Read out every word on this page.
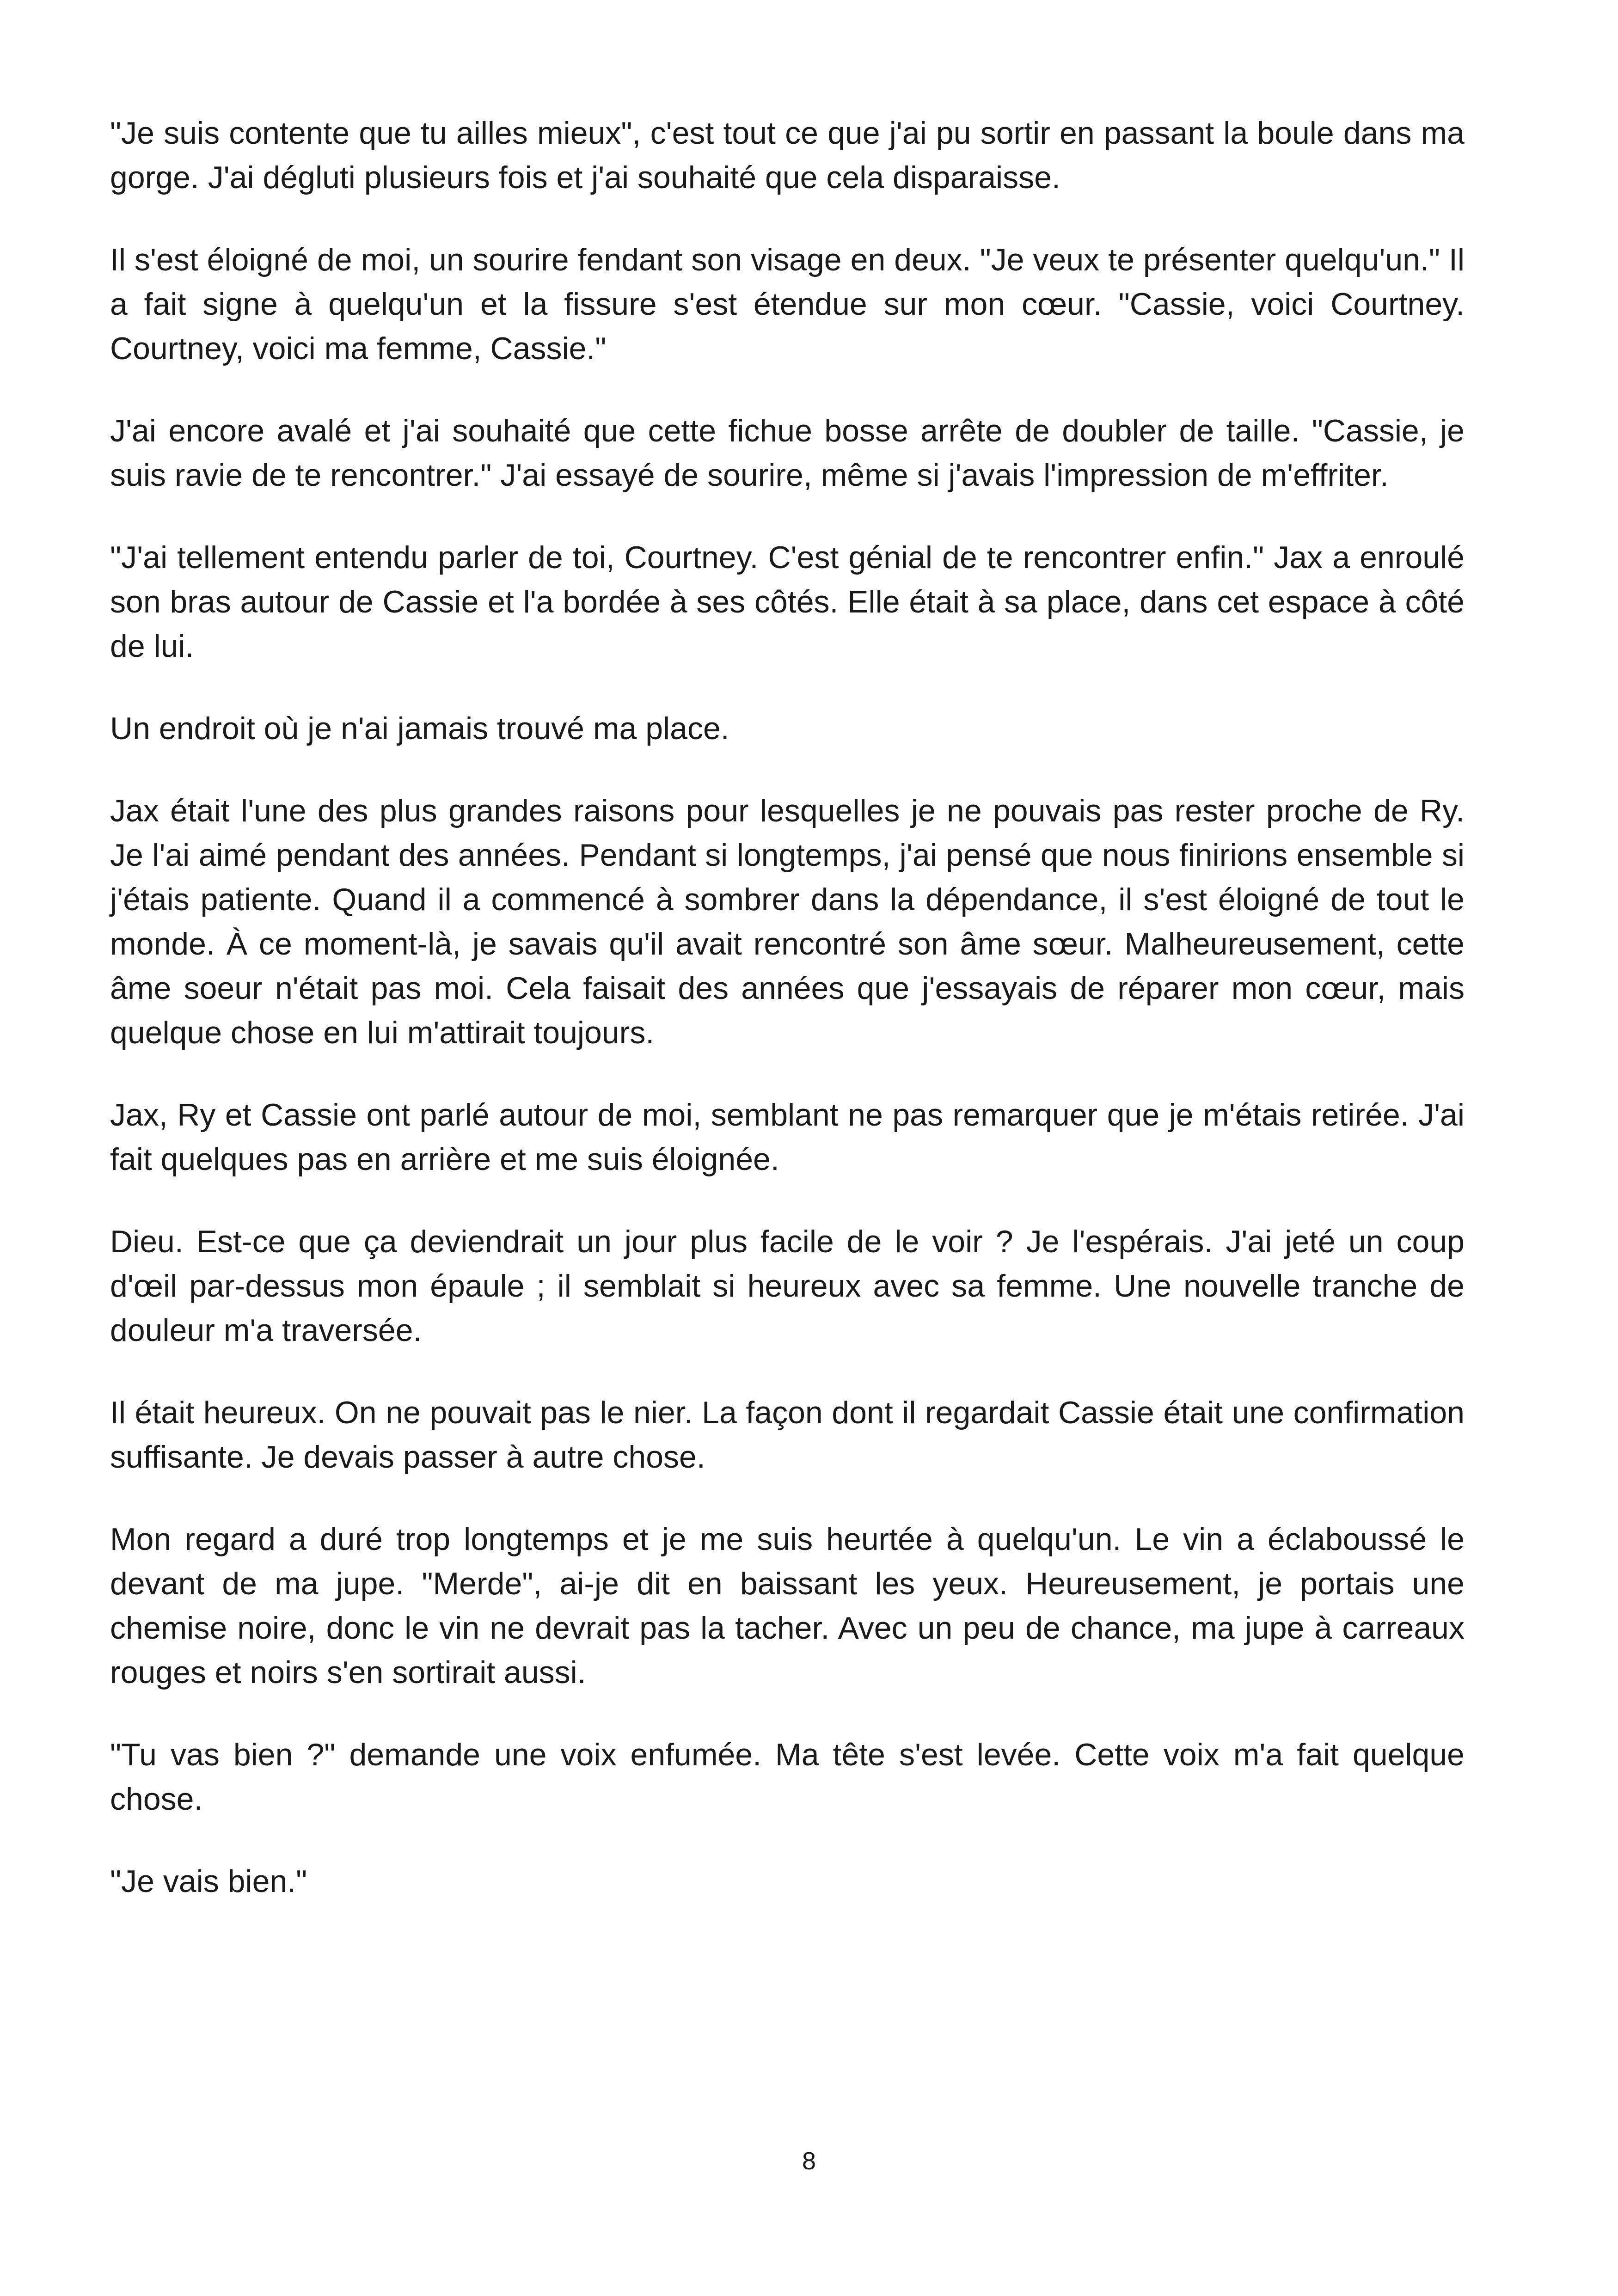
"Je suis contente que tu ailles mieux", c'est tout ce que j'ai pu sortir en passant la boule dans ma gorge. J'ai dégluti plusieurs fois et j'ai souhaité que cela disparaisse.

Il s'est éloigné de moi, un sourire fendant son visage en deux. "Je veux te présenter quelqu'un." Il a fait signe à quelqu'un et la fissure s'est étendue sur mon cœur. "Cassie, voici Courtney. Courtney, voici ma femme, Cassie."

J'ai encore avalé et j'ai souhaité que cette fichue bosse arrête de doubler de taille. "Cassie, je suis ravie de te rencontrer." J'ai essayé de sourire, même si j'avais l'impression de m'effriter.

"J'ai tellement entendu parler de toi, Courtney. C'est génial de te rencontrer enfin." Jax a enroulé son bras autour de Cassie et l'a bordée à ses côtés. Elle était à sa place, dans cet espace à côté de lui.

Un endroit où je n'ai jamais trouvé ma place.

Jax était l'une des plus grandes raisons pour lesquelles je ne pouvais pas rester proche de Ry. Je l'ai aimé pendant des années. Pendant si longtemps, j'ai pensé que nous finirions ensemble si j'étais patiente. Quand il a commencé à sombrer dans la dépendance, il s'est éloigné de tout le monde. À ce moment-là, je savais qu'il avait rencontré son âme sœur. Malheureusement, cette âme soeur n'était pas moi. Cela faisait des années que j'essayais de réparer mon cœur, mais quelque chose en lui m'attirait toujours.

Jax, Ry et Cassie ont parlé autour de moi, semblant ne pas remarquer que je m'étais retirée. J'ai fait quelques pas en arrière et me suis éloignée.

Dieu. Est-ce que ça deviendrait un jour plus facile de le voir ? Je l'espérais. J'ai jeté un coup d'œil par-dessus mon épaule ; il semblait si heureux avec sa femme. Une nouvelle tranche de douleur m'a traversée.

Il était heureux. On ne pouvait pas le nier. La façon dont il regardait Cassie était une confirmation suffisante. Je devais passer à autre chose.

Mon regard a duré trop longtemps et je me suis heurtée à quelqu'un. Le vin a éclaboussé le devant de ma jupe. "Merde", ai-je dit en baissant les yeux. Heureusement, je portais une chemise noire, donc le vin ne devrait pas la tacher. Avec un peu de chance, ma jupe à carreaux rouges et noirs s'en sortirait aussi.

"Tu vas bien ?" demande une voix enfumée. Ma tête s'est levée. Cette voix m'a fait quelque chose.

"Je vais bien."

8
